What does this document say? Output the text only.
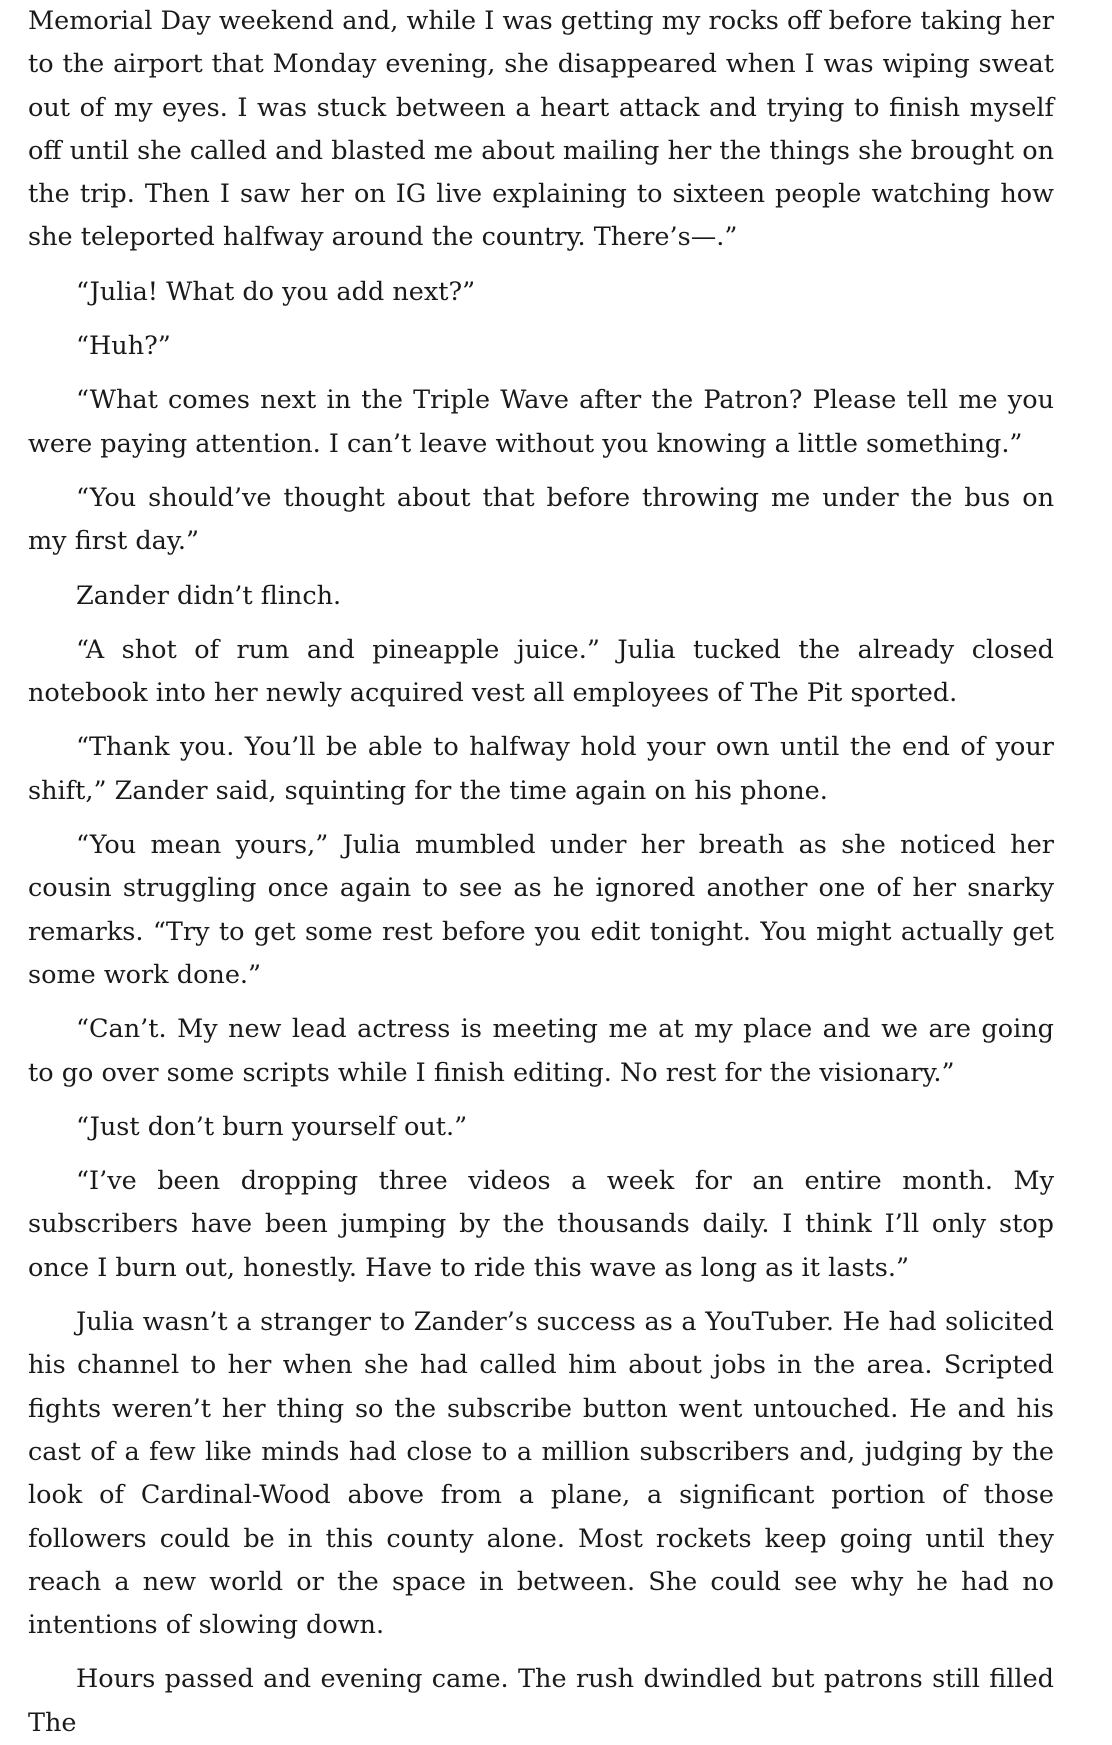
Memorial Day weekend and, while I was getting my rocks off before taking her to the airport that Monday evening, she disappeared when I was wiping sweat out of my eyes. I was stuck between a heart attack and trying to finish myself off until she called and blasted me about mailing her the things she brought on the trip. Then I saw her on IG live explaining to sixteen people watching how she teleported halfway around the country. There’s—.”

“Julia! What do you add next?”

“Huh?”

“What comes next in the Triple Wave after the Patron? Please tell me you were paying attention. I can’t leave without you knowing a little something.”

“You should’ve thought about that before throwing me under the bus on my first day.”

Zander didn’t flinch.

“A shot of rum and pineapple juice.” Julia tucked the already closed notebook into her newly acquired vest all employees of The Pit sported.

“Thank you. You’ll be able to halfway hold your own until the end of your shift,” Zander said, squinting for the time again on his phone.

“You mean yours,” Julia mumbled under her breath as she noticed her cousin struggling once again to see as he ignored another one of her snarky remarks. “Try to get some rest before you edit tonight. You might actually get some work done.”

“Can’t. My new lead actress is meeting me at my place and we are going to go over some scripts while I finish editing. No rest for the visionary.”

“Just don’t burn yourself out.”

“I’ve been dropping three videos a week for an entire month. My subscribers have been jumping by the thousands daily. I think I’ll only stop once I burn out, honestly. Have to ride this wave as long as it lasts.”

Julia wasn’t a stranger to Zander’s success as a YouTuber. He had solicited his channel to her when she had called him about jobs in the area. Scripted fights weren’t her thing so the subscribe button went untouched. He and his cast of a few like minds had close to a million subscribers and, judging by the look of Cardinal-Wood above from a plane, a significant portion of those followers could be in this county alone. Most rockets keep going until they reach a new world or the space in between. She could see why he had no intentions of slowing down.

Hours passed and evening came. The rush dwindled but patrons still filled The
